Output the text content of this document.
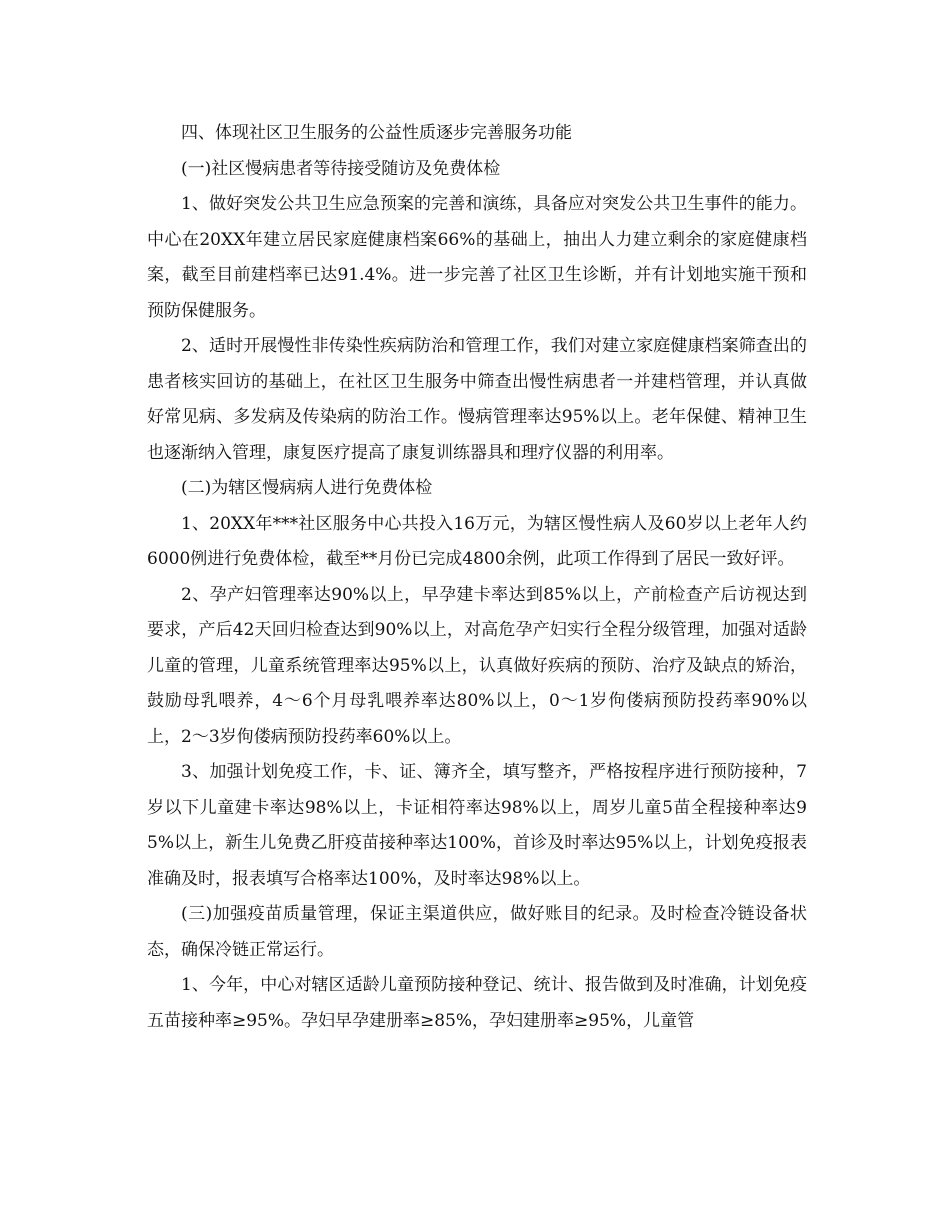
四、体现社区卫生服务的公益性质逐步完善服务功能

(一)社区慢病患者等待接受随访及免费体检

1、做好突发公共卫生应急预案的完善和演练，具备应对突发公共卫生事件的能力。中心在20XX年建立居民家庭健康档案66%的基础上，抽出人力建立剩余的家庭健康档案，截至目前建档率已达91.4%。进一步完善了社区卫生诊断，并有计划地实施干预和预防保健服务。

2、适时开展慢性非传染性疾病防治和管理工作，我们对建立家庭健康档案筛查出的患者核实回访的基础上，在社区卫生服务中筛查出慢性病患者一并建档管理，并认真做好常见病、多发病及传染病的防治工作。慢病管理率达95%以上。老年保健、精神卫生也逐渐纳入管理，康复医疗提高了康复训练器具和理疗仪器的利用率。

(二)为辖区慢病病人进行免费体检

1、20XX年***社区服务中心共投入16万元，为辖区慢性病人及60岁以上老年人约6000例进行免费体检，截至**月份已完成4800余例，此项工作得到了居民一致好评。

2、孕产妇管理率达90%以上，早孕建卡率达到85%以上，产前检查产后访视达到要求，产后42天回归检查达到90%以上，对高危孕产妇实行全程分级管理，加强对适龄儿童的管理，儿童系统管理率达95%以上，认真做好疾病的预防、治疗及缺点的矫治，鼓励母乳喂养，4～6个月母乳喂养率达80%以上，0～1岁佝偻病预防投药率90%以上，2～3岁佝偻病预防投药率60%以上。

3、加强计划免疫工作，卡、证、簿齐全，填写整齐，严格按程序进行预防接种，7岁以下儿童建卡率达98%以上，卡证相符率达98%以上，周岁儿童5苗全程接种率达95%以上，新生儿免费乙肝疫苗接种率达100%，首诊及时率达95%以上，计划免疫报表准确及时，报表填写合格率达100%，及时率达98%以上。

(三)加强疫苗质量管理，保证主渠道供应，做好账目的纪录。及时检查冷链设备状态，确保冷链正常运行。

1、今年，中心对辖区适龄儿童预防接种登记、统计、报告做到及时准确，计划免疫五苗接种率≥95%。孕妇早孕建册率≥85%，孕妇建册率≥95%，儿童管
